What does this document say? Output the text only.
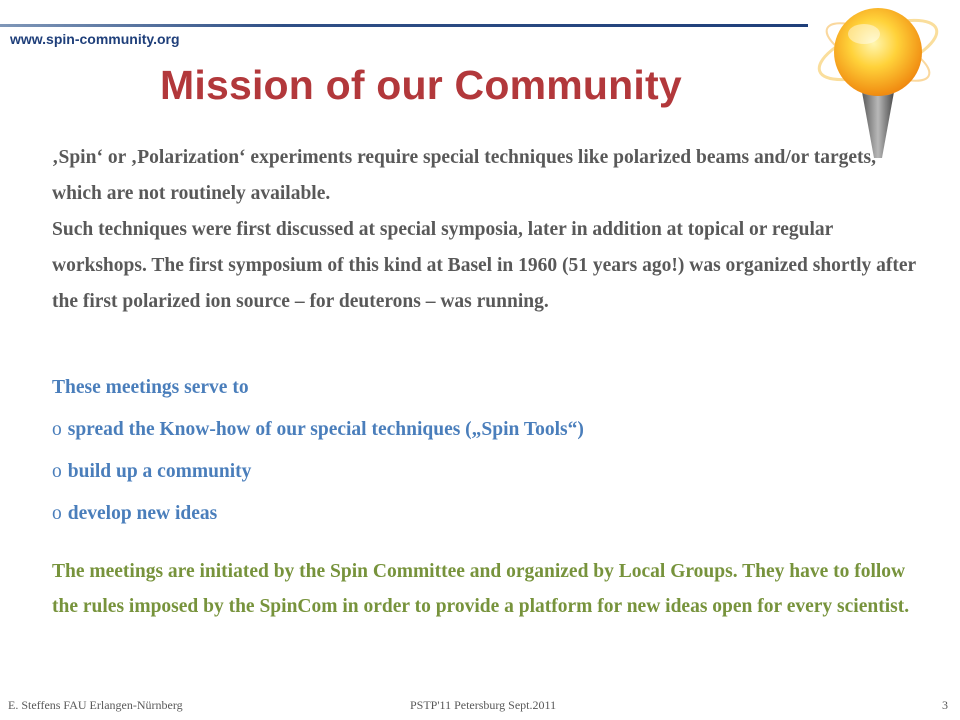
www.spin-community.org
Mission of our Community

‚Spin‘ or ‚Polarization‘ experiments require special techniques like polarized beams and/or targets, which are not routinely available.

Such techniques were first discussed at special symposia, later in addition at topical or regular workshops. The first symposium of this kind at Basel in 1960 (51 years ago!) was organized shortly after the first polarized ion source – for deuterons – was running.

These meetings serve to

o spread the Know-how of our special techniques („Spin Tools“)

o build up a community

o develop new ideas

The meetings are initiated by the Spin Committee and organized by Local Groups. They have to follow the rules imposed by the SpinCom in order to provide a platform for new ideas open for every scientist.

E. Steffens FAU Erlangen-Nürnberg	PSTP'11 Petersburg Sept.2011	3
